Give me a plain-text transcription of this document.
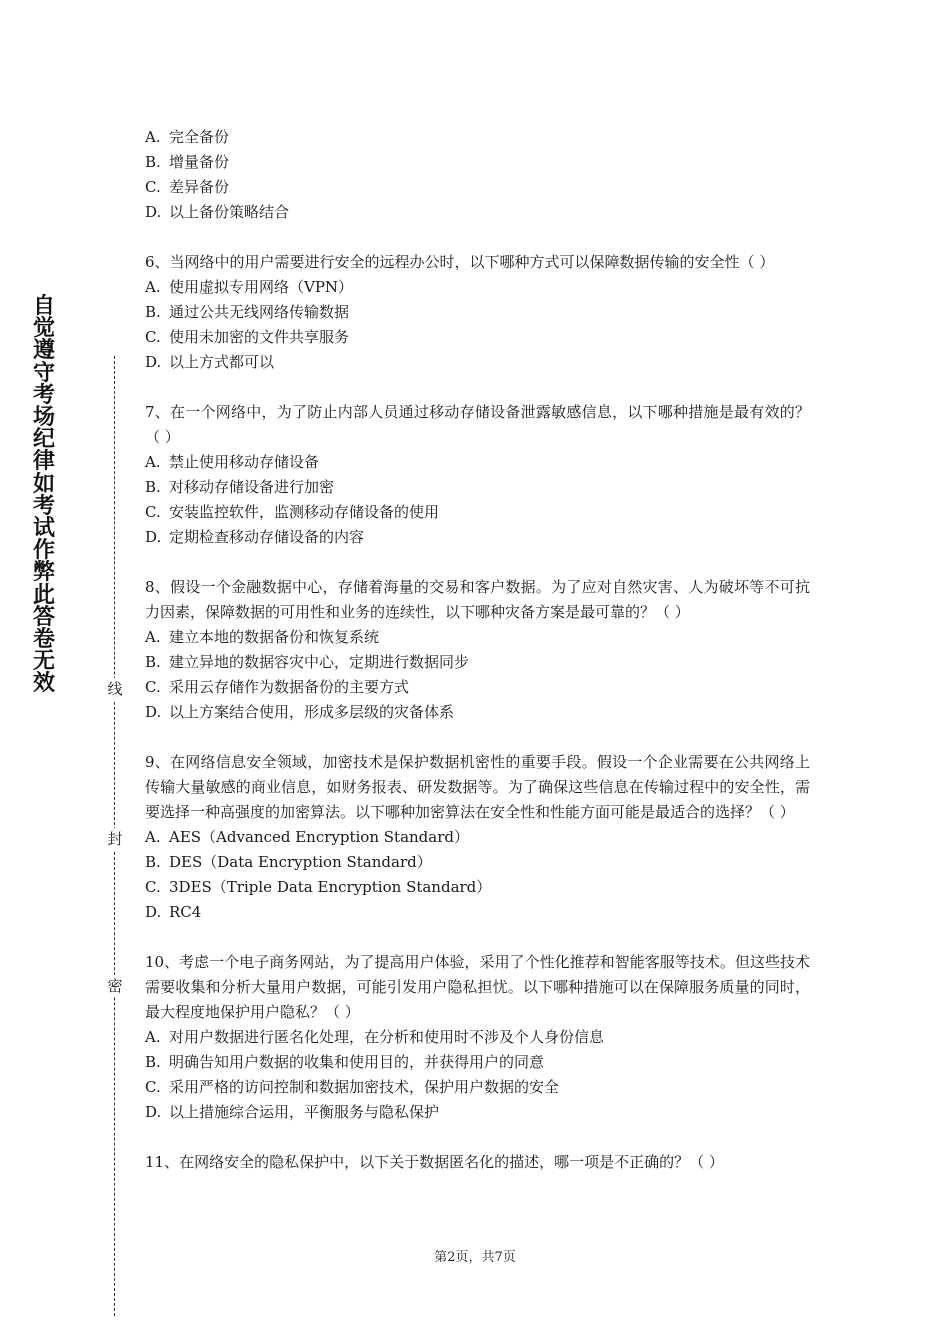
自觉遵守考场纪律如考试作弊此答卷无效	线
封
密
A. 完全备份
B. 增量备份
C. 差异备份
D. 以上备份策略结合
6、当网络中的用户需要进行安全的远程办公时，以下哪种方式可以保障数据传输的安全性（ ）
A. 使用虚拟专用网络（VPN）
B. 通过公共无线网络传输数据
C. 使用未加密的文件共享服务
D. 以上方式都可以
7、在一个网络中，为了防止内部人员通过移动存储设备泄露敏感信息，以下哪种措施是最有效的？（ ）
A. 禁止使用移动存储设备
B. 对移动存储设备进行加密
C. 安装监控软件，监测移动存储设备的使用
D. 定期检查移动存储设备的内容
8、假设一个金融数据中心，存储着海量的交易和客户数据。为了应对自然灾害、人为破坏等不可抗力因素，保障数据的可用性和业务的连续性，以下哪种灾备方案是最可靠的？（ ）
A. 建立本地的数据备份和恢复系统
B. 建立异地的数据容灾中心，定期进行数据同步
C. 采用云存储作为数据备份的主要方式
D. 以上方案结合使用，形成多层级的灾备体系
9、在网络信息安全领域，加密技术是保护数据机密性的重要手段。假设一个企业需要在公共网络上传输大量敏感的商业信息，如财务报表、研发数据等。为了确保这些信息在传输过程中的安全性，需要选择一种高强度的加密算法。以下哪种加密算法在安全性和性能方面可能是最适合的选择？（ ）
A. AES（Advanced Encryption Standard）
B. DES（Data Encryption Standard）
C. 3DES（Triple Data Encryption Standard）
D. RC4
10、考虑一个电子商务网站，为了提高用户体验，采用了个性化推荐和智能客服等技术。但这些技术需要收集和分析大量用户数据，可能引发用户隐私担忧。以下哪种措施可以在保障服务质量的同时，最大程度地保护用户隐私？（ ）
A. 对用户数据进行匿名化处理，在分析和使用时不涉及个人身份信息
B. 明确告知用户数据的收集和使用目的，并获得用户的同意
C. 采用严格的访问控制和数据加密技术，保护用户数据的安全
D. 以上措施综合运用，平衡服务与隐私保护
11、在网络安全的隐私保护中，以下关于数据匿名化的描述，哪一项是不正确的？（ ）
第2页，共7页
